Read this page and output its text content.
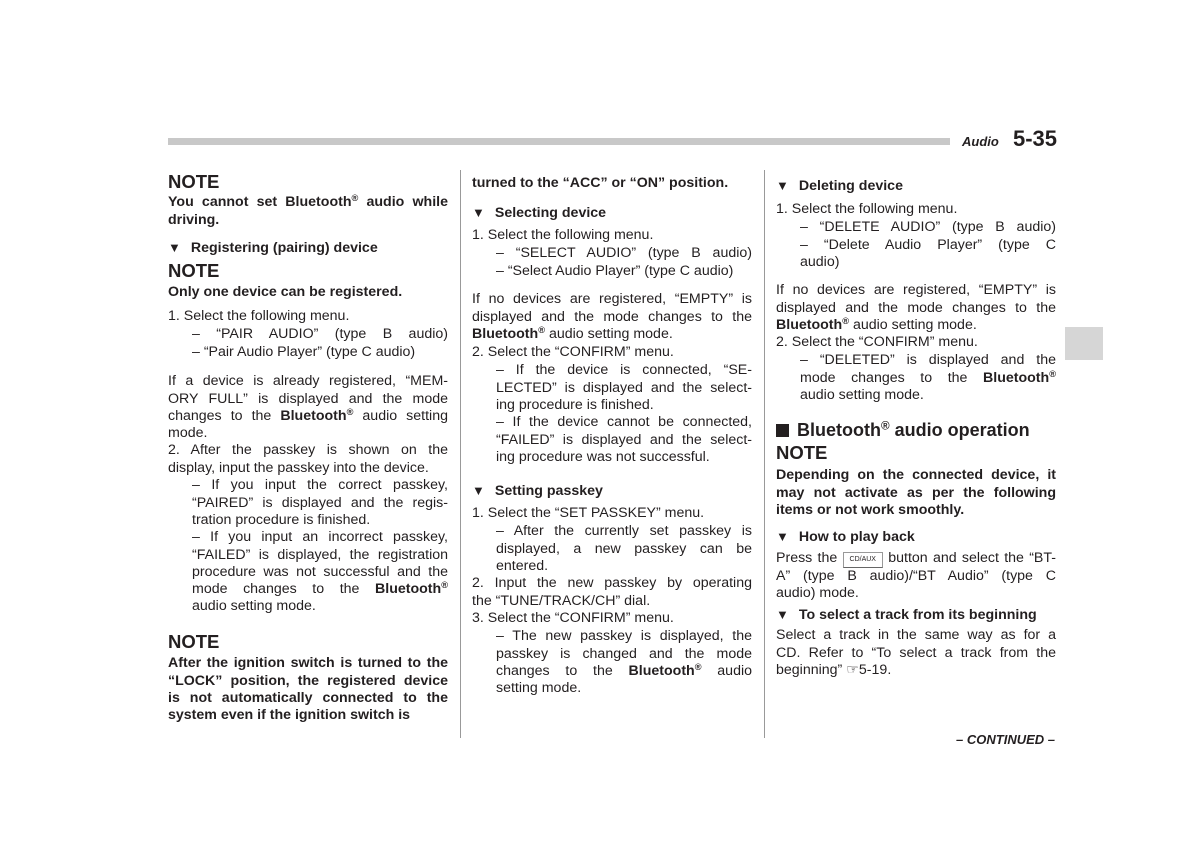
Audio 5-35
NOTE
You cannot set Bluetooth® audio while
driving.
▼ Registering (pairing) device
NOTE
Only one device can be registered.
1. Select the following menu.
– “PAIR AUDIO” (type B audio)
– “Pair Audio Player” (type C audio)
If a device is already registered, “MEM-
ORY FULL” is displayed and the mode
changes to the Bluetooth® audio setting
mode.
2. After the passkey is shown on the
display, input the passkey into the device.
– If you input the correct passkey,
“PAIRED” is displayed and the regis-
tration procedure is finished.
– If you input an incorrect passkey,
“FAILED” is displayed, the registration
procedure was not successful and the
mode changes to the Bluetooth®
audio setting mode.
NOTE
After the ignition switch is turned to the
“LOCK” position, the registered device
is not automatically connected to the
system even if the ignition switch is
turned to the “ACC” or “ON” position.
▼ Selecting device
1. Select the following menu.
– “SELECT AUDIO” (type B audio)
– “Select Audio Player” (type C audio)
If no devices are registered, “EMPTY” is
displayed and the mode changes to the
Bluetooth® audio setting mode.
2. Select the “CONFIRM” menu.
– If the device is connected, “SE-
LECTED” is displayed and the select-
ing procedure is finished.
– If the device cannot be connected,
“FAILED” is displayed and the select-
ing procedure was not successful.
▼ Setting passkey
1. Select the “SET PASSKEY” menu.
– After the currently set passkey is
displayed, a new passkey can be
entered.
2. Input the new passkey by operating
the “TUNE/TRACK/CH” dial.
3. Select the “CONFIRM” menu.
– The new passkey is displayed, the
passkey is changed and the mode
changes to the Bluetooth® audio
setting mode.
▼ Deleting device
1. Select the following menu.
– “DELETE AUDIO” (type B audio)
– “Delete Audio Player” (type C
audio)
If no devices are registered, “EMPTY” is
displayed and the mode changes to the
Bluetooth® audio setting mode.
2. Select the “CONFIRM” menu.
– “DELETED” is displayed and the
mode changes to the Bluetooth®
audio setting mode.
Bluetooth® audio operation
NOTE
Depending on the connected device, it
may not activate as per the following
items or not work smoothly.
▼ How to play back
Press the CD/AUX button and select the “BT-
A” (type B audio)/“BT Audio” (type C
audio) mode.
▼ To select a track from its beginning
Select a track in the same way as for a
CD. Refer to “To select a track from the
beginning” ☞5-19.
– CONTINUED –
